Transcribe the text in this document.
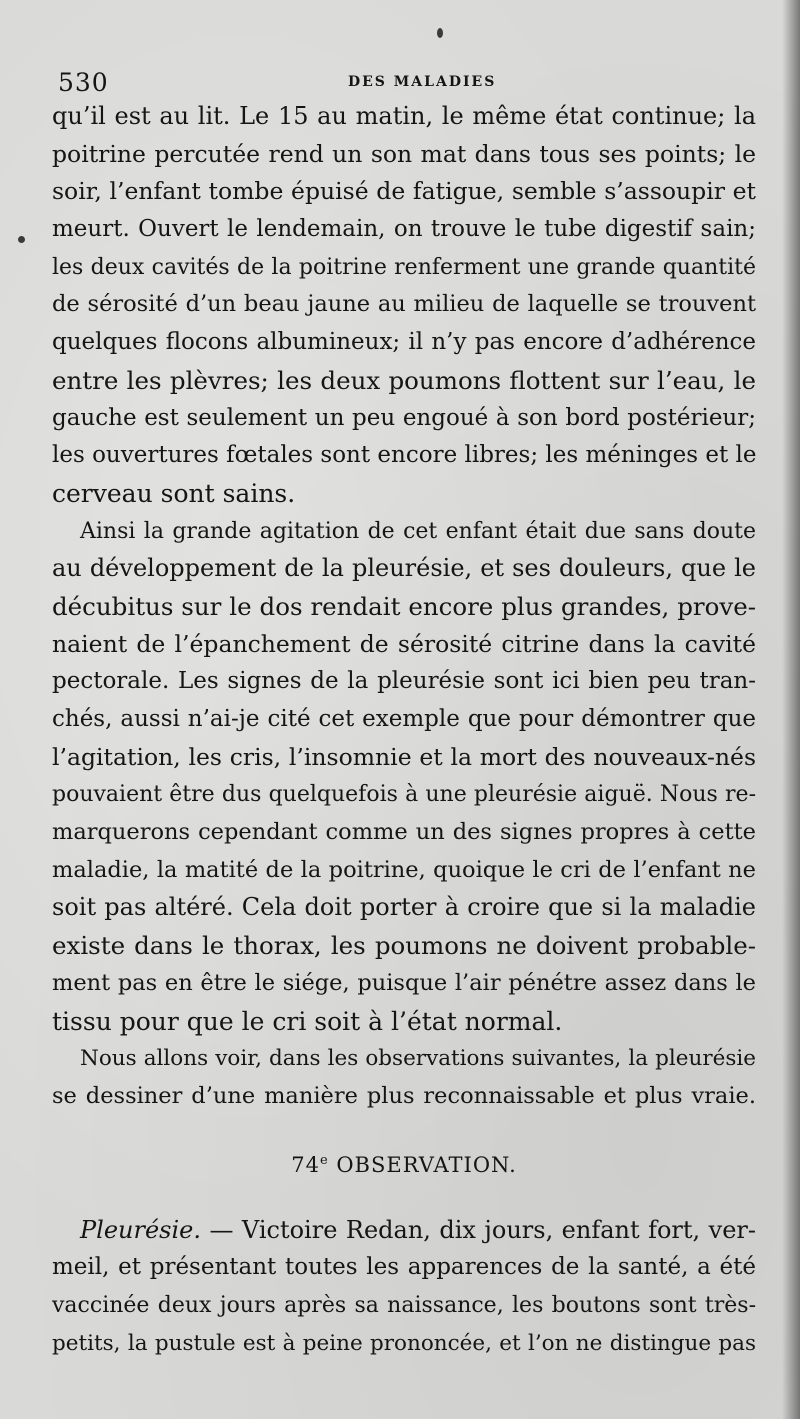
530	DES MALADIES
qu’il est au lit. Le 15 au matin, le même état continue; la
poitrine percutée rend un son mat dans tous ses points; le
soir, l’enfant tombe épuisé de fatigue, semble s’assoupir et
meurt. Ouvert le lendemain, on trouve le tube digestif sain;
les deux cavités de la poitrine renferment une grande quantité
de sérosité d’un beau jaune au milieu de laquelle se trouvent
quelques flocons albumineux; il n’y pas encore d’adhérence
entre les plèvres; les deux poumons flottent sur l’eau, le
gauche est seulement un peu engoué à son bord postérieur;
les ouvertures fœtales sont encore libres; les méninges et le
cerveau sont sains.
Ainsi la grande agitation de cet enfant était due sans doute
au développement de la pleurésie, et ses douleurs, que le
décubitus sur le dos rendait encore plus grandes, prove-
naient de l’épanchement de sérosité citrine dans la cavité
pectorale. Les signes de la pleurésie sont ici bien peu tran-
chés, aussi n’ai-je cité cet exemple que pour démontrer que
l’agitation, les cris, l’insomnie et la mort des nouveaux-nés
pouvaient être dus quelquefois à une pleurésie aiguë. Nous re-
marquerons cependant comme un des signes propres à cette
maladie, la matité de la poitrine, quoique le cri de l’enfant ne
soit pas altéré. Cela doit porter à croire que si la maladie
existe dans le thorax, les poumons ne doivent probable-
ment pas en être le siége, puisque l’air pénétre assez dans le
tissu pour que le cri soit à l’état normal.
Nous allons voir, dans les observations suivantes, la pleurésie
se dessiner d’une manière plus reconnaissable et plus vraie.
74e OBSERVATION.
Pleurésie. — Victoire Redan, dix jours, enfant fort, ver-
meil, et présentant toutes les apparences de la santé, a été
vaccinée deux jours après sa naissance, les boutons sont très-
petits, la pustule est à peine prononcée, et l’on ne distingue pas
